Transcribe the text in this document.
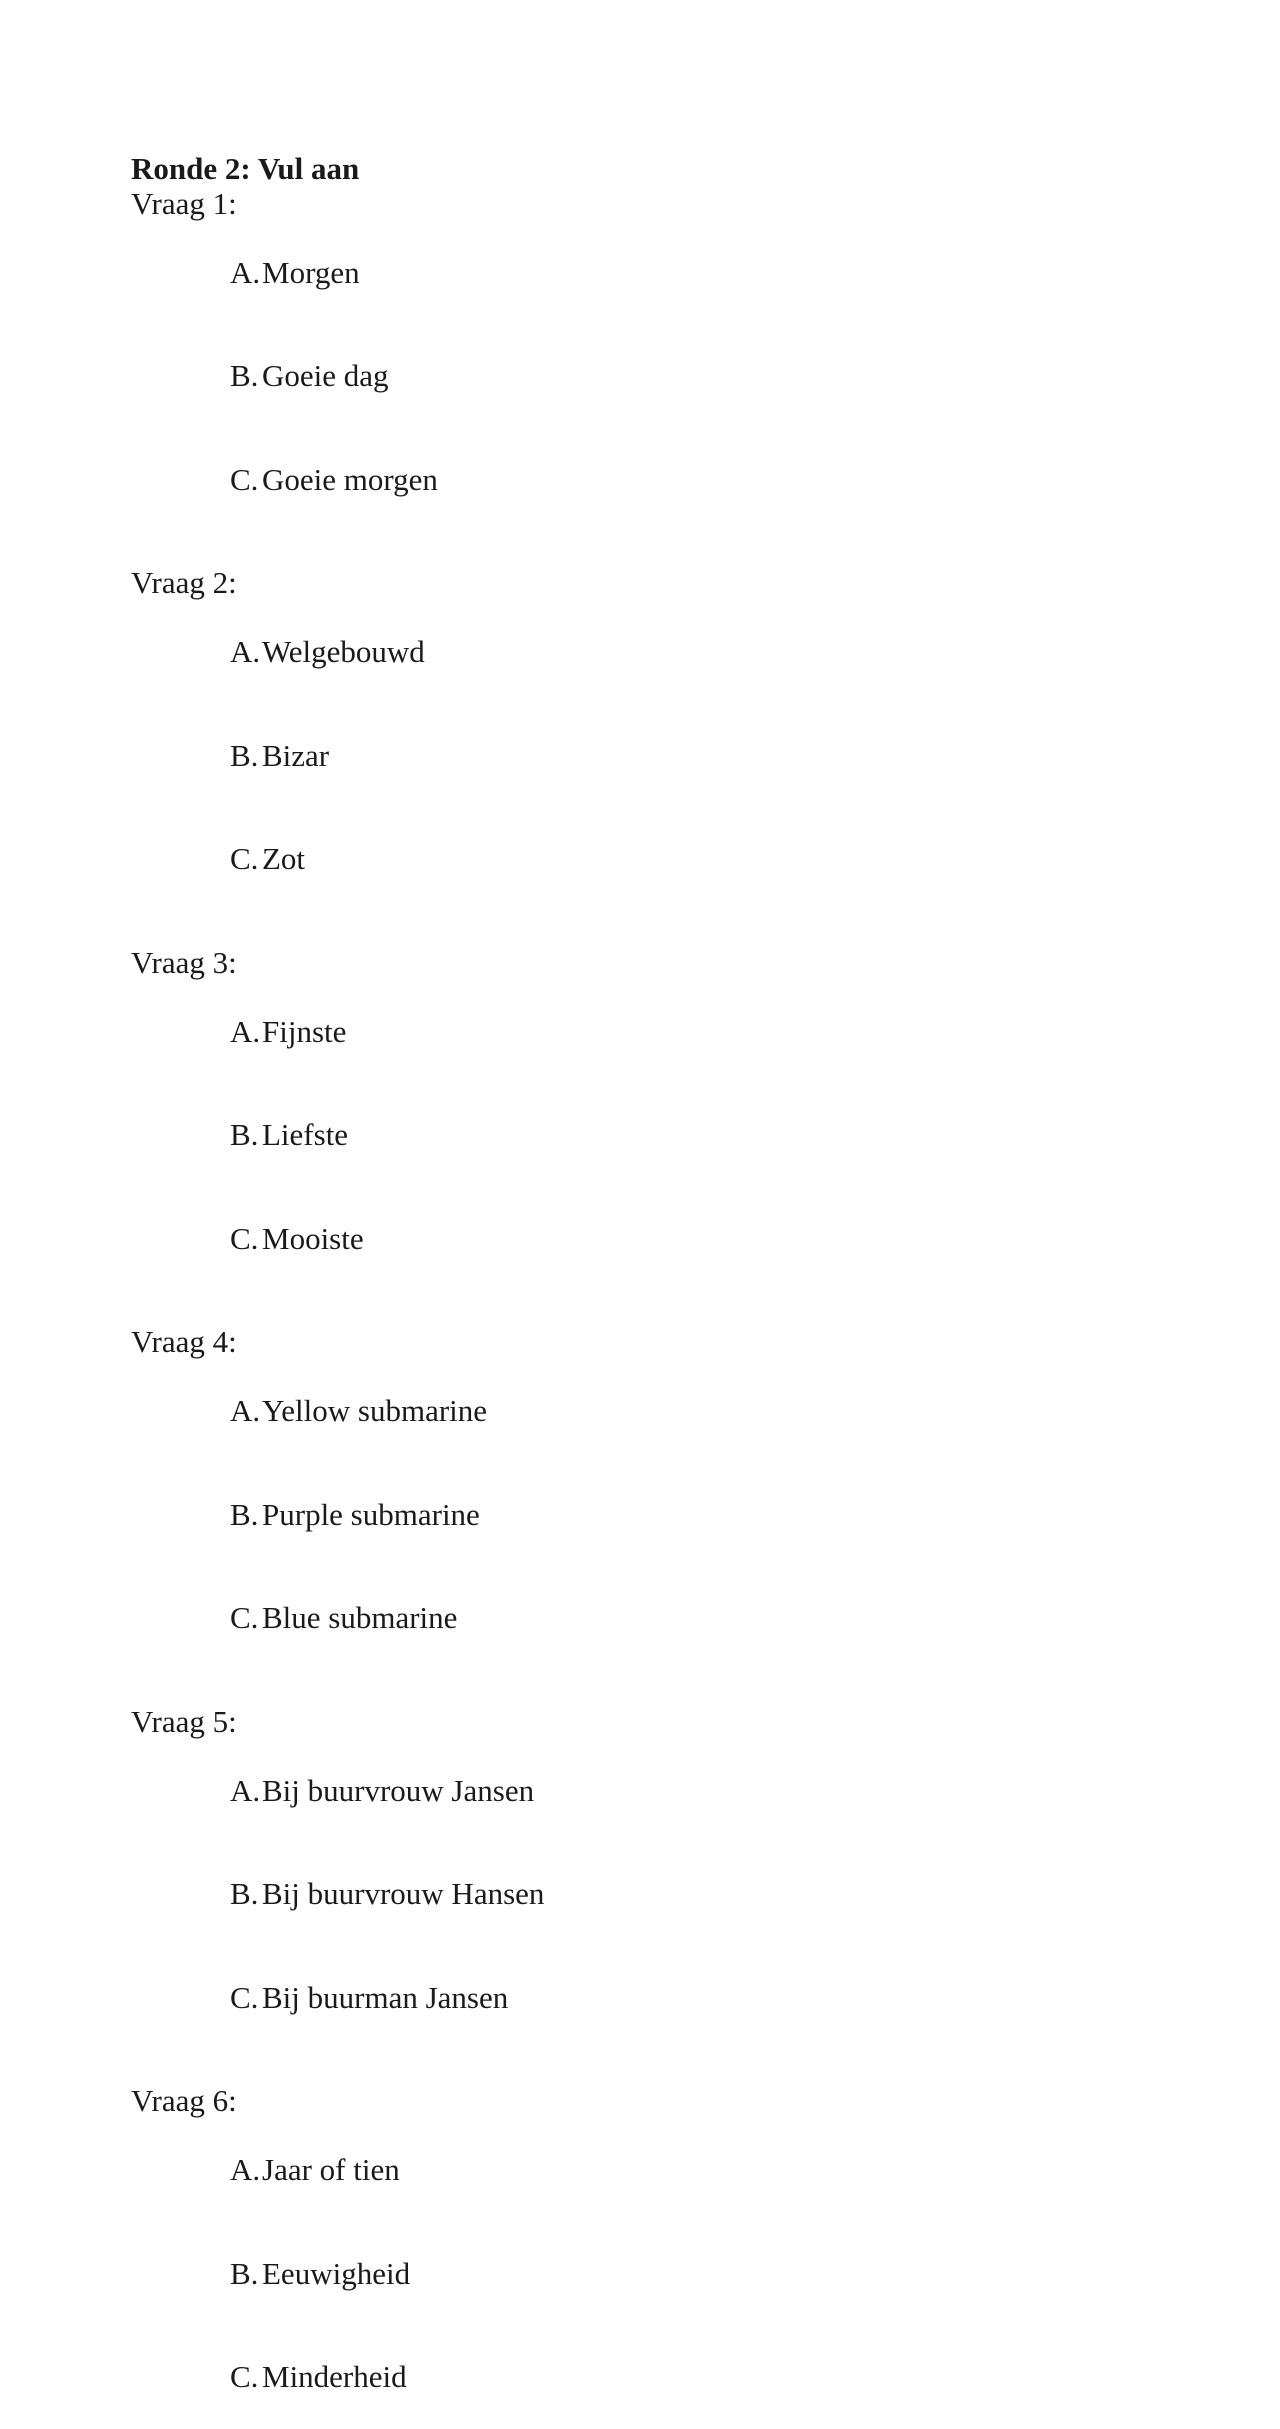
Ronde 2: Vul aan
Vraag 1:

A.Morgen

B. Goeie dag

C. Goeie morgen

Vraag 2:

A.Welgebouwd

B. Bizar

C. Zot

Vraag 3:

A.Fijnste

B. Liefste

C. Mooiste

Vraag 4:

A.Yellow submarine

B. Purple submarine

C. Blue submarine

Vraag 5:

A.Bij buurvrouw Jansen

B. Bij buurvrouw Hansen

C. Bij buurman Jansen

Vraag 6:

A.Jaar of tien

B. Eeuwigheid

C. Minderheid
